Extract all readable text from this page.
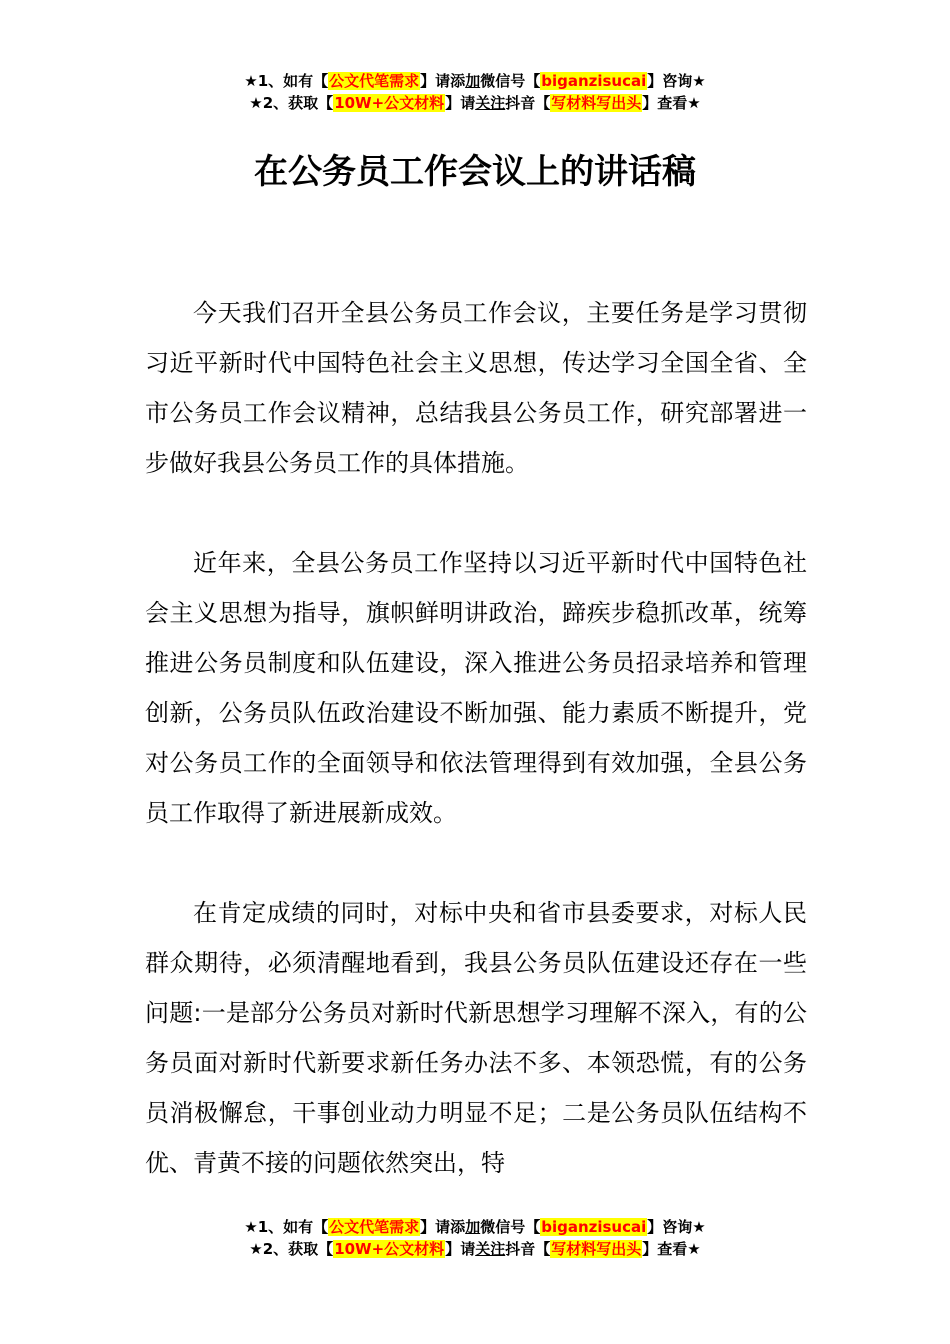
★1、如有【公文代笔需求】请添加微信号【biganzisucai】咨询★
★2、获取【10W+公文材料】请关注抖音【写材料写出头】查看★
在公务员工作会议上的讲话稿

今天我们召开全县公务员工作会议，主要任务是学习贯彻习近平新时代中国特色社会主义思想，传达学习全国全省、全市公务员工作会议精神，总结我县公务员工作，研究部署进一步做好我县公务员工作的具体措施。

近年来，全县公务员工作坚持以习近平新时代中国特色社会主义思想为指导，旗帜鲜明讲政治，蹄疾步稳抓改革，统筹推进公务员制度和队伍建设，深入推进公务员招录培养和管理创新，公务员队伍政治建设不断加强、能力素质不断提升，党对公务员工作的全面领导和依法管理得到有效加强，全县公务员工作取得了新进展新成效。

在肯定成绩的同时，对标中央和省市县委要求，对标人民群众期待，必须清醒地看到，我县公务员队伍建设还存在一些问题:一是部分公务员对新时代新思想学习理解不深入，有的公务员面对新时代新要求新任务办法不多、本领恐慌，有的公务员消极懈怠，干事创业动力明显不足；二是公务员队伍结构不优、青黄不接的问题依然突出，特

★1、如有【公文代笔需求】请添加微信号【biganzisucai】咨询★
★2、获取【10W+公文材料】请关注抖音【写材料写出头】查看★
